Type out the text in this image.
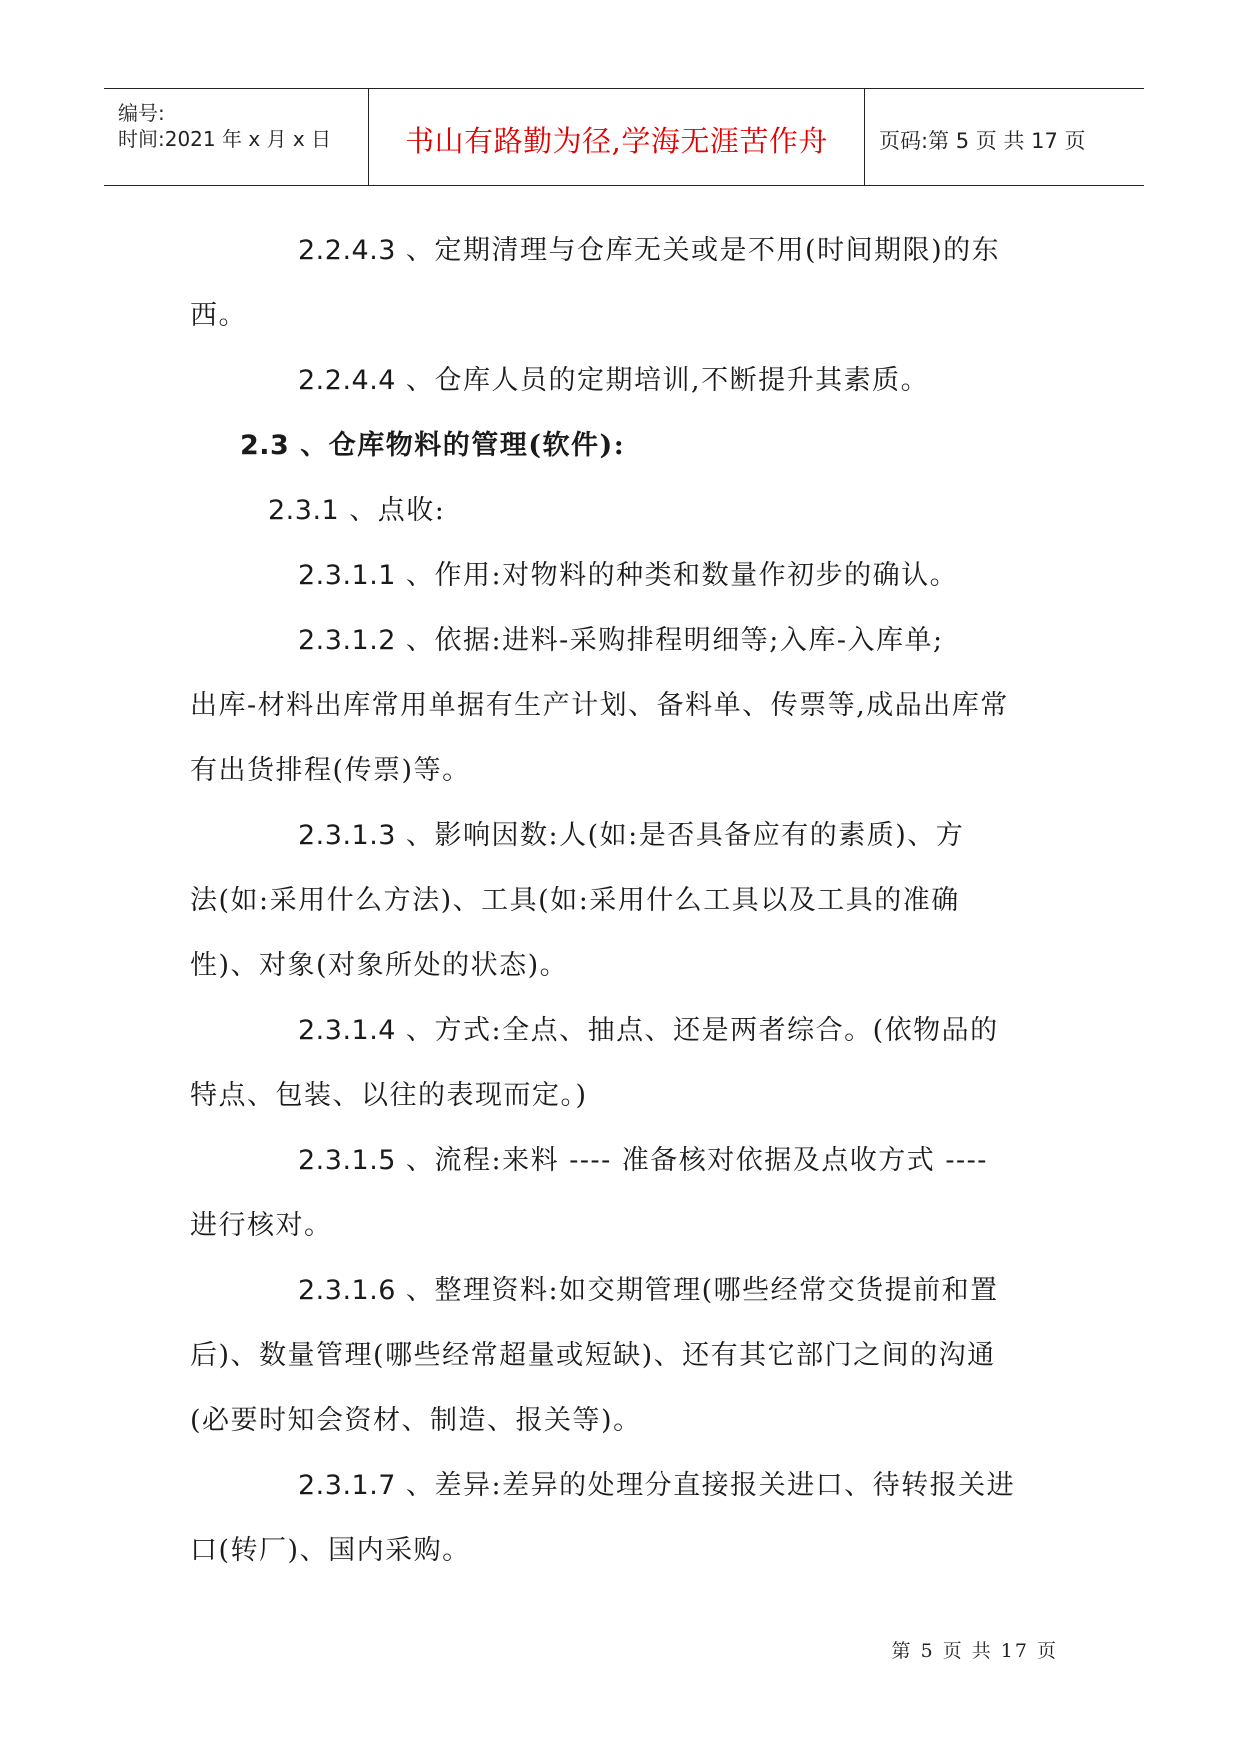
编号:
时间:2021 年 x 月 x 日	书山有路勤为径,学海无涯苦作舟	页码:第 5 页 共 17 页

2.2.4.3 、定期清理与仓库无关或是不用(时间期限)的东

西。

2.2.4.4 、仓库人员的定期培训,不断提升其素质。

2.3 、仓库物料的管理(软件):

2.3.1 、点收:

2.3.1.1 、作用:对物料的种类和数量作初步的确认。

2.3.1.2 、依据:进料-采购排程明细等;入库-入库单;

出库-材料出库常用单据有生产计划、备料单、传票等,成品出库常

有出货排程(传票)等。

2.3.1.3 、影响因数:人(如:是否具备应有的素质)、方

法(如:采用什么方法)、工具(如:采用什么工具以及工具的准确

性)、对象(对象所处的状态)。

2.3.1.4 、方式:全点、抽点、还是两者综合。(依物品的

特点、包装、以往的表现而定。)

2.3.1.5 、流程:来料 ---- 准备核对依据及点收方式 ----

进行核对。

2.3.1.6 、整理资料:如交期管理(哪些经常交货提前和置

后)、数量管理(哪些经常超量或短缺)、还有其它部门之间的沟通

(必要时知会资材、制造、报关等)。

2.3.1.7 、差异:差异的处理分直接报关进口、待转报关进

口(转厂)、国内采购。

第 5 页 共 17 页
